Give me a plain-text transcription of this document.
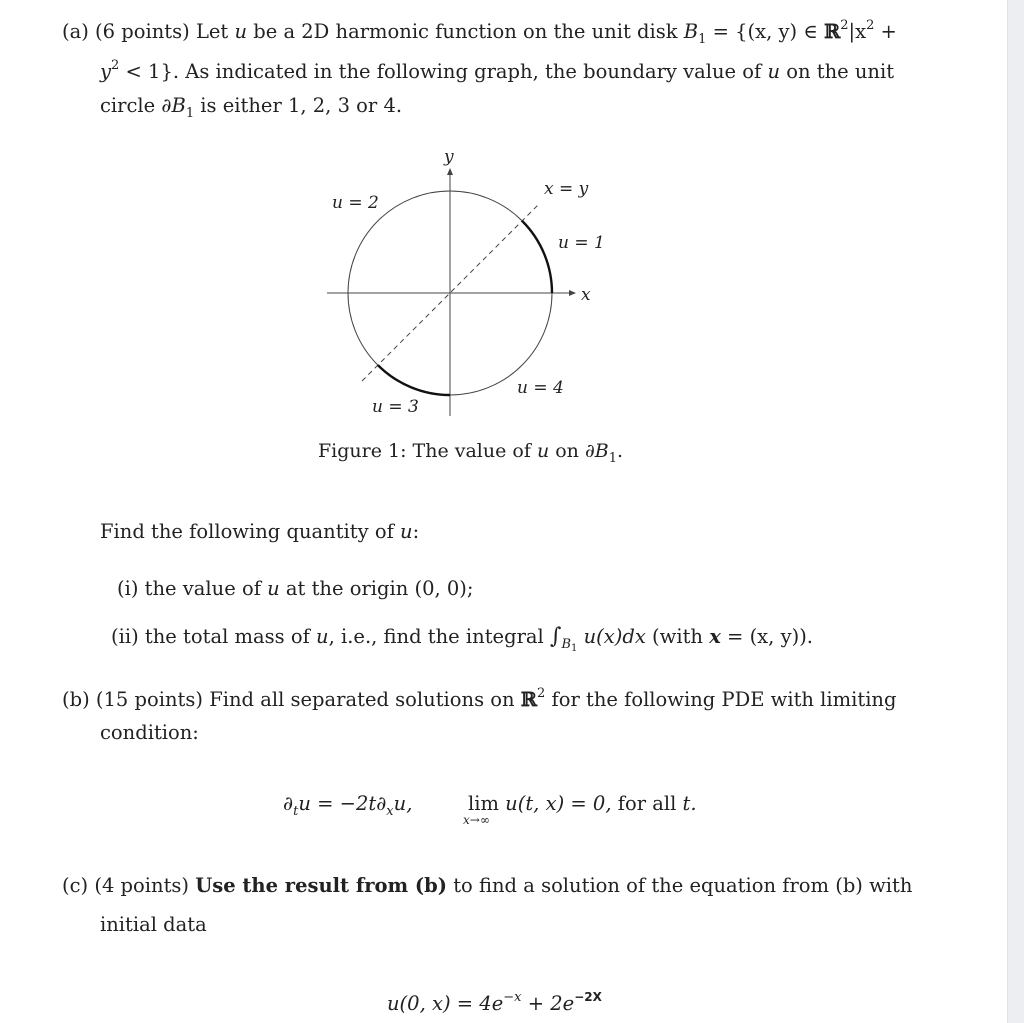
(a) (6 points) Let u be a 2D harmonic function on the unit disk $B_1 = \{(x$, y) ∈ $ℝ^2|x^2$ +
$y^2 < 1$}. As indicated in the following graph, the boundary value of u on the unit
circle $\partial B_1$ is either 1, 2, 3 or 4.
y
x
x = y
u = 2
u = 1
u = 4
u = 3
Figure 1: The value of u on $\partial B_1$.
Find the following quantity of u:
(i) the value of u at the origin (0, 0);
(ii) the total mass of u, i.e., find the integral $\int_{B1}$ u(x)dx (with x = (x, y)).
(b) (15 points) Find all separated solutions on ℝ$^2$ for the following PDE with limiting
condition:
$\partial_tu = -2t\partial_xu$,	lim u(t, x) = 0, for all t.
x→∞
(c) (4 points) Use the result from (b) to find a solution of the equation from (b) with
initial data
u(0, $x) = 4e^{-x} + 2e^{-2X}$
